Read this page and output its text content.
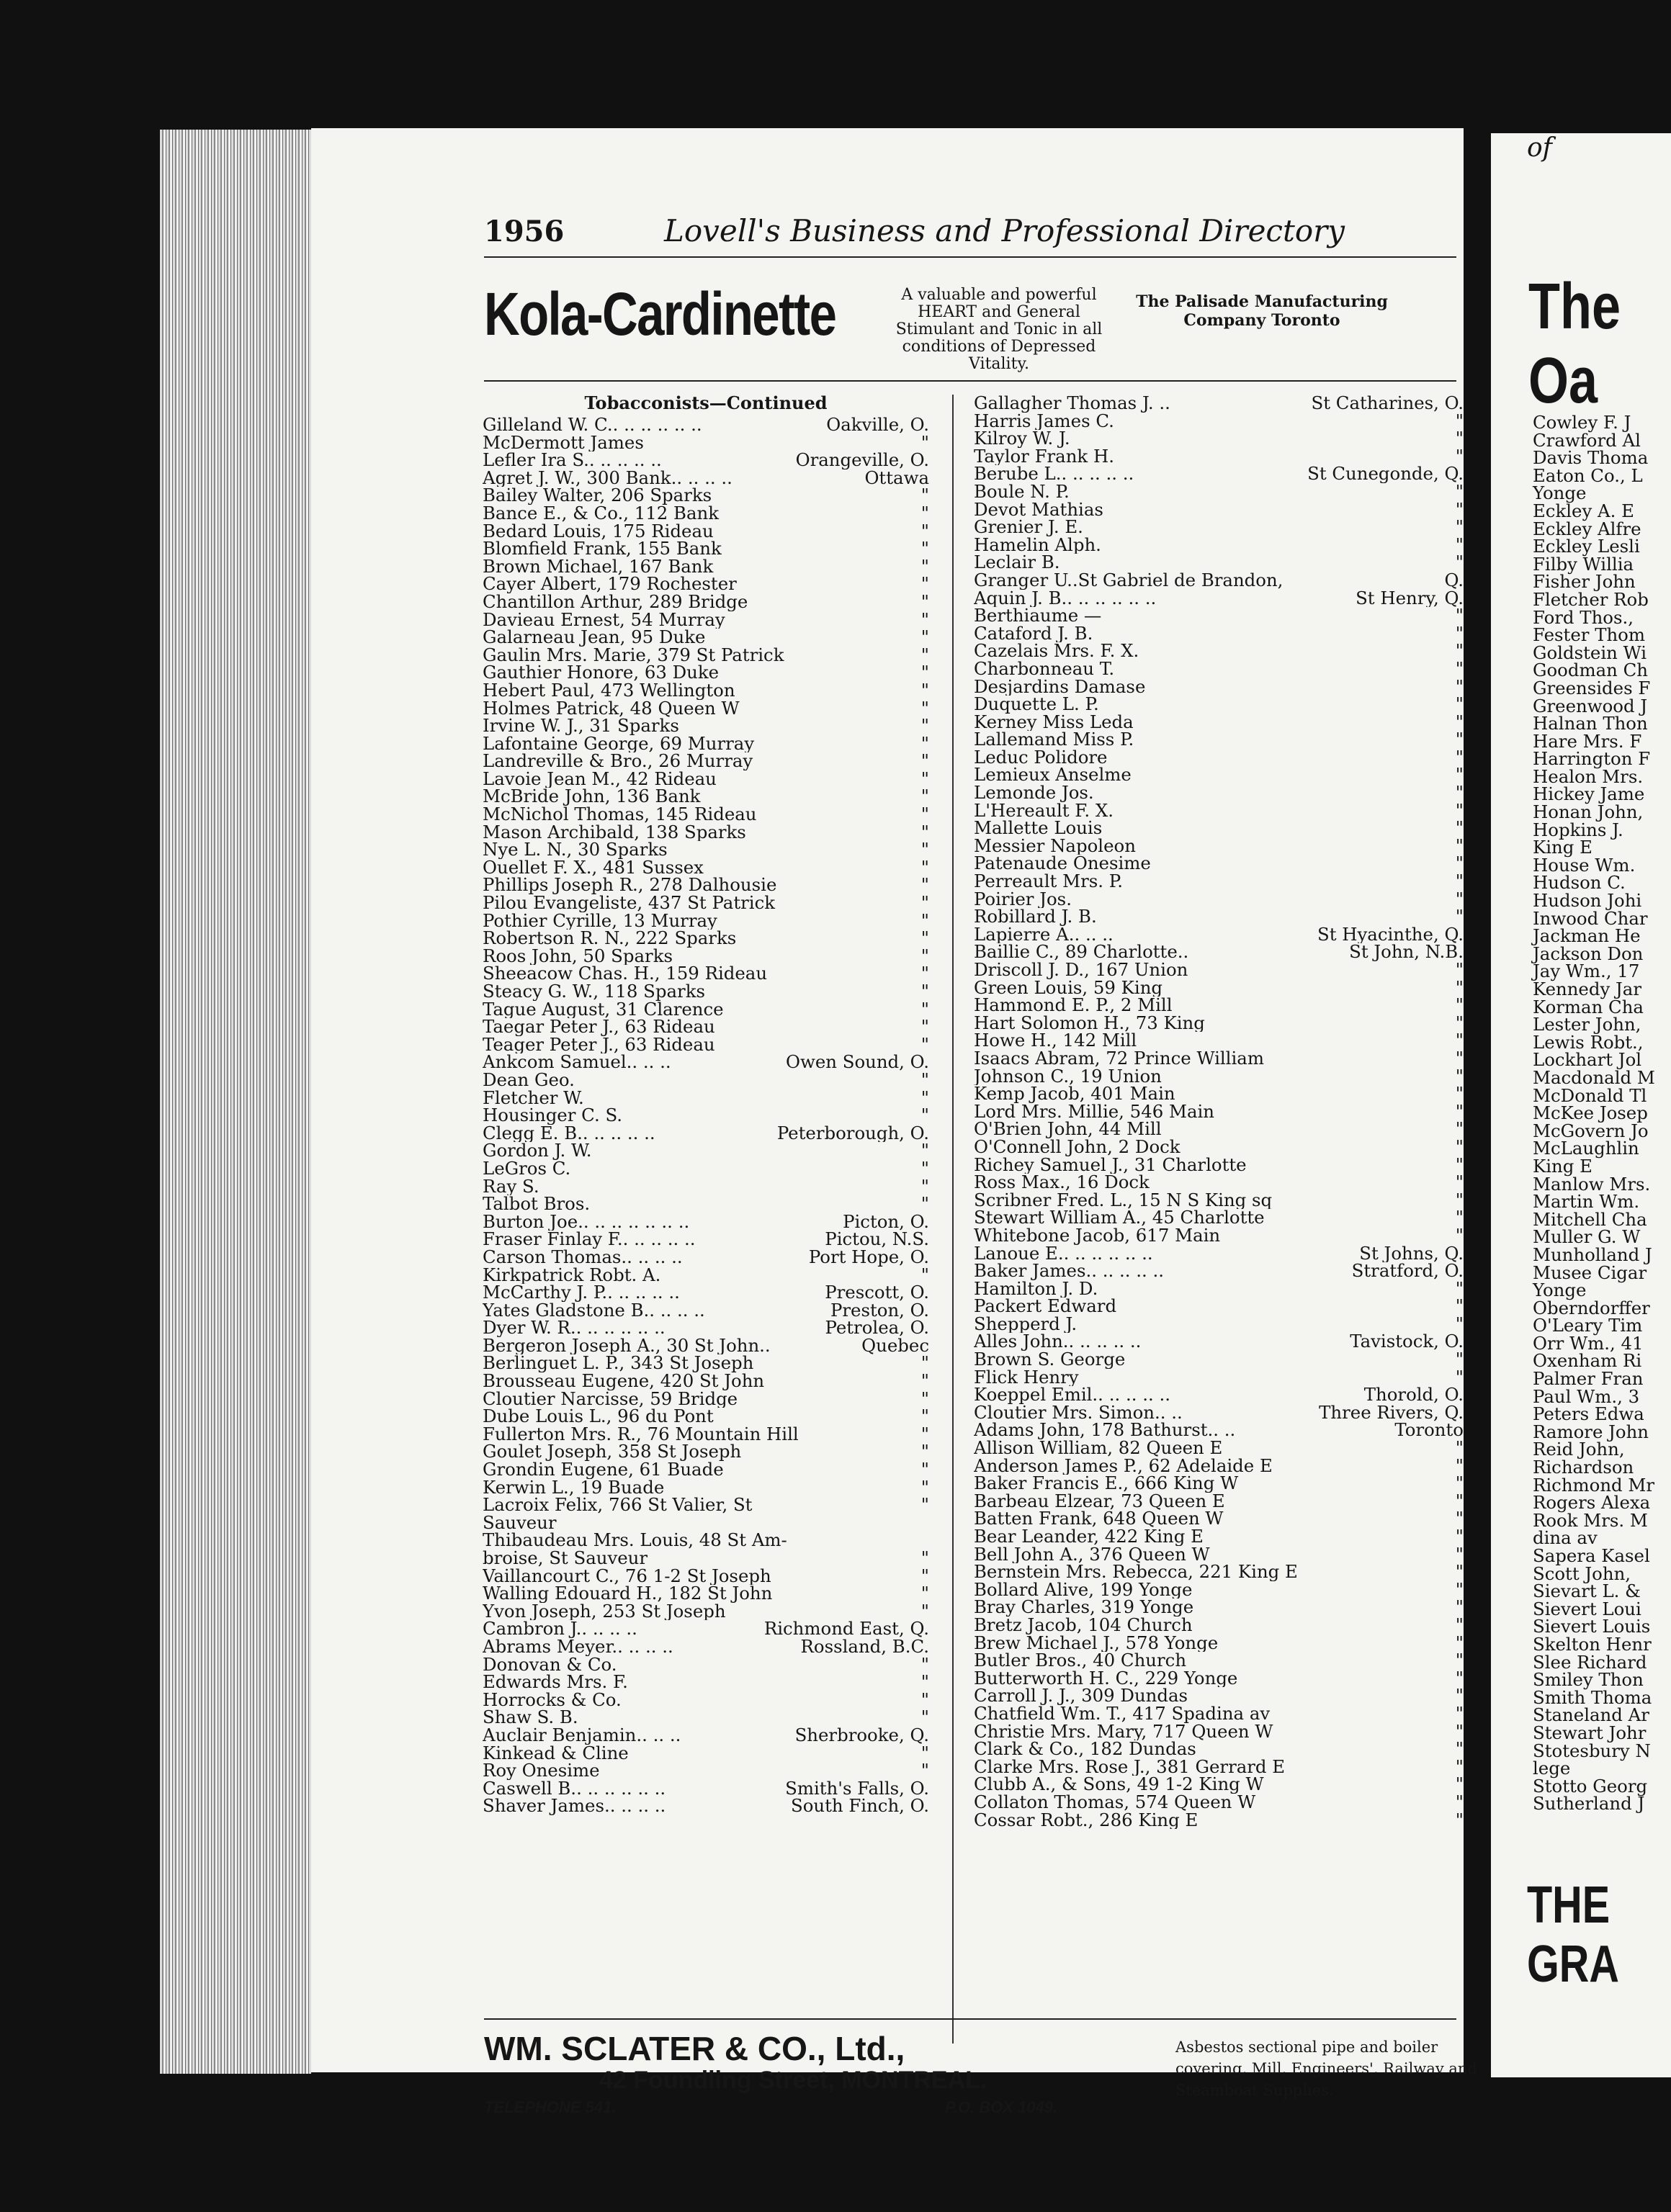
1956	Lovell's Business and Professional Directory
Kola-Cardinette	A valuable and powerful HEART and General Stimulant and Tonic in all conditions of Depressed Vitality.
The Palisade Manufacturing Company Toronto
Tobacconists—Continued
Gilleland W. C.. .. .. .. .. ..	Oakville, O.
McDermott James	"
Lefler Ira S.. .. .. .. ..	Orangeville, O.
Agret J. W., 300 Bank.. .. .. ..	Ottawa
Bailey Walter, 206 Sparks	"
Bance E., & Co., 112 Bank	"
Bedard Louis, 175 Rideau	"
Blomfield Frank, 155 Bank	"
Brown Michael, 167 Bank	"
Cayer Albert, 179 Rochester	"
Chantillon Arthur, 289 Bridge	"
Davieau Ernest, 54 Murray	"
Galarneau Jean, 95 Duke	"
Gaulin Mrs. Marie, 379 St Patrick	"
Gauthier Honore, 63 Duke	"
Hebert Paul, 473 Wellington	"
Holmes Patrick, 48 Queen W	"
Irvine W. J., 31 Sparks	"
Lafontaine George, 69 Murray	"
Landreville & Bro., 26 Murray	"
Lavoie Jean M., 42 Rideau	"
McBride John, 136 Bank	"
McNichol Thomas, 145 Rideau	"
Mason Archibald, 138 Sparks	"
Nye L. N., 30 Sparks	"
Ouellet F. X., 481 Sussex	"
Phillips Joseph R., 278 Dalhousie	"
Pilou Evangeliste, 437 St Patrick	"
Pothier Cyrille, 13 Murray	"
Robertson R. N., 222 Sparks	"
Roos John, 50 Sparks	"
Sheeacow Chas. H., 159 Rideau	"
Steacy G. W., 118 Sparks	"
Tague August, 31 Clarence	"
Taegar Peter J., 63 Rideau	"
Teager Peter J., 63 Rideau	"
Ankcom Samuel.. .. ..	Owen Sound, O.
Dean Geo.	"
Fletcher W.	"
Housinger C. S.	"
Clegg E. B.. .. .. .. ..	Peterborough, O.
Gordon J. W.	"
LeGros C.	"
Ray S.	"
Talbot Bros.	"
Burton Joe.. .. .. .. .. .. ..	Picton, O.
Fraser Finlay F.. .. .. .. ..	Pictou, N.S.
Carson Thomas.. .. .. ..	Port Hope, O.
Kirkpatrick Robt. A.	"
McCarthy J. P.. .. .. .. ..	Prescott, O.
Yates Gladstone B.. .. .. ..	Preston, O.
Dyer W. R.. .. .. .. .. ..	Petrolea, O.
Bergeron Joseph A., 30 St John..	Quebec
Berlinguet L. P., 343 St Joseph	"
Brousseau Eugene, 420 St John	"
Cloutier Narcisse, 59 Bridge	"
Dube Louis L., 96 du Pont	"
Fullerton Mrs. R., 76 Mountain Hill	"
Goulet Joseph, 358 St Joseph	"
Grondin Eugene, 61 Buade	"
Kerwin L., 19 Buade	"
Lacroix Felix, 766 St Valier, St	"
Sauveur
Thibaudeau Mrs. Louis, 48 St Am-
broise, St Sauveur	"
Vaillancourt C., 76 1-2 St Joseph	"
Walling Edouard H., 182 St John	"
Yvon Joseph, 253 St Joseph	"
Cambron J.. .. .. ..	Richmond East, Q.
Abrams Meyer.. .. .. ..	Rossland, B.C.
Donovan & Co.	"
Edwards Mrs. F.	"
Horrocks & Co.	"
Shaw S. B.	"
Auclair Benjamin.. .. ..	Sherbrooke, Q.
Kinkead & Cline	"
Roy Onesime	"
Caswell B.. .. .. .. .. ..	Smith's Falls, O.
Shaver James.. .. .. ..	South Finch, O.
Gallagher Thomas J. ..	St Catharines, O.
Harris James C.	"
Kilroy W. J.	"
Taylor Frank H.	"
Berube L.. .. .. .. ..	St Cunegonde, Q.
Boule N. P.	"
Devot Mathias	"
Grenier J. E.	"
Hamelin Alph.	"
Leclair B.	"
Granger U..St Gabriel de Brandon,	Q.
Aquin J. B.. .. .. .. .. ..	St Henry, Q.
Berthiaume —	"
Cataford J. B.	"
Cazelais Mrs. F. X.	"
Charbonneau T.	"
Desjardins Damase	"
Duquette L. P.	"
Kerney Miss Leda	"
Lallemand Miss P.	"
Leduc Polidore	"
Lemieux Anselme	"
Lemonde Jos.	"
L'Hereault F. X.	"
Mallette Louis	"
Messier Napoleon	"
Patenaude Onesime	"
Perreault Mrs. P.	"
Poirier Jos.	"
Robillard J. B.	"
Lapierre A.. .. ..	St Hyacinthe, Q.
Baillie C., 89 Charlotte..	St John, N.B.
Driscoll J. D., 167 Union	"
Green Louis, 59 King	"
Hammond E. P., 2 Mill	"
Hart Solomon H., 73 King	"
Howe H., 142 Mill	"
Isaacs Abram, 72 Prince William	"
Johnson C., 19 Union	"
Kemp Jacob, 401 Main	"
Lord Mrs. Millie, 546 Main	"
O'Brien John, 44 Mill	"
O'Connell John, 2 Dock	"
Richey Samuel J., 31 Charlotte	"
Ross Max., 16 Dock	"
Scribner Fred. L., 15 N S King sq	"
Stewart William A., 45 Charlotte	"
Whitebone Jacob, 617 Main	"
Lanoue E.. .. .. .. .. ..	St Johns, Q.
Baker James.. .. .. .. ..	Stratford, O.
Hamilton J. D.	"
Packert Edward	"
Shepperd J.	"
Alles John.. .. .. .. ..	Tavistock, O.
Brown S. George	"
Flick Henry	"
Koeppel Emil.. .. .. .. ..	Thorold, O.
Cloutier Mrs. Simon.. ..	Three Rivers, Q.
Adams John, 178 Bathurst.. ..	Toronto
Allison William, 82 Queen E	"
Anderson James P., 62 Adelaide E	"
Baker Francis E., 666 King W	"
Barbeau Elzear, 73 Queen E	"
Batten Frank, 648 Queen W	"
Bear Leander, 422 King E	"
Bell John A., 376 Queen W	"
Bernstein Mrs. Rebecca, 221 King E	"
Bollard Alive, 199 Yonge	"
Bray Charles, 319 Yonge	"
Bretz Jacob, 104 Church	"
Brew Michael J., 578 Yonge	"
Butler Bros., 40 Church	"
Butterworth H. C., 229 Yonge	"
Carroll J. J., 309 Dundas	"
Chatfield Wm. T., 417 Spadina av	"
Christie Mrs. Mary, 717 Queen W	"
Clark & Co., 182 Dundas	"
Clarke Mrs. Rose J., 381 Gerrard E	"
Clubb A., & Sons, 49 1-2 King W	"
Collaton Thomas, 574 Queen W	"
Cossar Robt., 286 King E	"
WM. SCLATER & CO., Ltd.,
42 Foundling Street, MONTREAL.
TELEPHONE 541.	P.O. BOX 1049.
Asbestos sectional pipe and boiler covering, Mill, Engineers', Railway and Steamboat Supplies.
of
The Oa
Cowley F. J
Crawford Al
Davis Thoma
Eaton Co., L
Yonge
Eckley A. E
Eckley Alfre
Eckley Lesli
Filby Willia
Fisher John
Fletcher Rob
Ford Thos.,
Fester Thom
Goldstein Wi
Goodman Ch
Greensides F
Greenwood J
Halnan Thon
Hare Mrs. F
Harrington F
Healon Mrs.
Hickey Jame
Honan John,
Hopkins J.
King E
House Wm.
Hudson C.
Hudson Johi
Inwood Char
Jackman He
Jackson Don
Jay Wm., 17
Kennedy Jar
Korman Cha
Lester John,
Lewis Robt.,
Lockhart Jol
Macdonald M
McDonald Tl
McKee Josep
McGovern Jo
McLaughlin
King E
Manlow Mrs.
Martin Wm.
Mitchell Cha
Muller G. W
Munholland J
Musee Cigar
Yonge
Oberndorffer
O'Leary Tim
Orr Wm., 41
Oxenham Ri
Palmer Fran
Paul Wm., 3
Peters Edwa
Ramore John
Reid John,
Richardson
Richmond Mr
Rogers Alexa
Rook Mrs. M
dina av
Sapera Kasel
Scott John,
Sievart L. &
Sievert Loui
Sievert Louis
Skelton Henr
Slee Richard
Smiley Thon
Smith Thoma
Staneland Ar
Stewart Johr
Stotesbury N
lege
Stotto Georg
Sutherland J
THE GRA
